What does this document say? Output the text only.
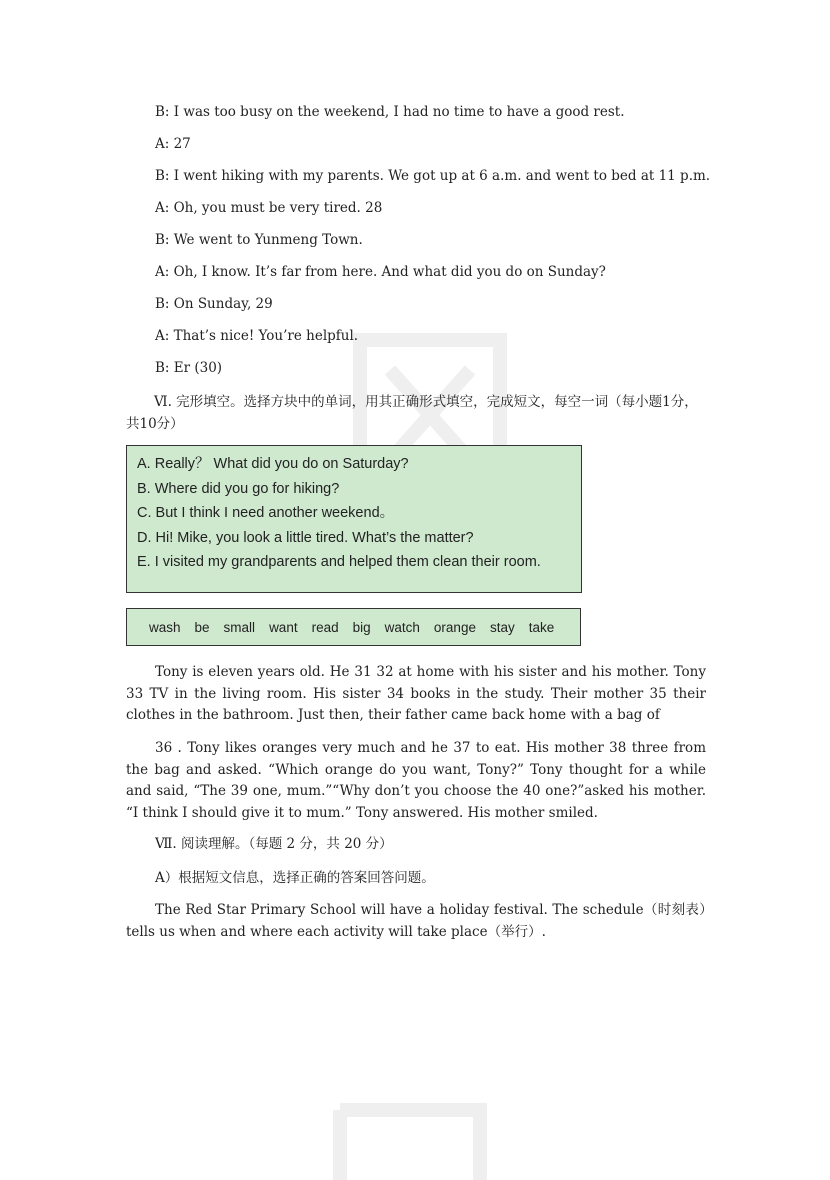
B: I was too busy on the weekend, I had no time to have a good rest.
A: 27
B: I went hiking with my parents. We got up at 6 a.m. and went to bed at 11 p.m.
A: Oh, you must be very tired. 28
B: We went to Yunmeng Town.
A: Oh, I know. It’s far from here. And what did you do on Sunday?
B: On Sunday, 29
A: That’s nice! You’re helpful.
B: Er (30)
Ⅵ. 完形填空。选择方块中的单词，用其正确形式填空，完成短文，每空一词（每小题1分，共10分）
A. Really？ What did you do on Saturday?
B. Where did you go for hiking?
C. But I think I need another weekend。
D. Hi! Mike, you look a little tired. What’s the matter?
E. I visited my grandparents and helped them clean their room.
wash be small want read big watch orange stay take
Tony is eleven years old. He 31 32 at home with his sister and his mother. Tony 33 TV in the living room. His sister 34 books in the study. Their mother 35 their clothes in the bathroom. Just then, their father came back home with a bag of
36 . Tony likes oranges very much and he 37 to eat. His mother 38 three from the bag and asked. “Which orange do you want, Tony?” Tony thought for a while and said, “The 39 one, mum.”“Why don’t you choose the 40 one?”asked his mother. “I think I should give it to mum.” Tony answered. His mother smiled.
Ⅶ. 阅读理解。（每题 2 分，共 20 分）
A）根据短文信息，选择正确的答案回答问题。
The Red Star Primary School will have a holiday festival. The schedule（时刻表）tells us when and where each activity will take place（举行）.
